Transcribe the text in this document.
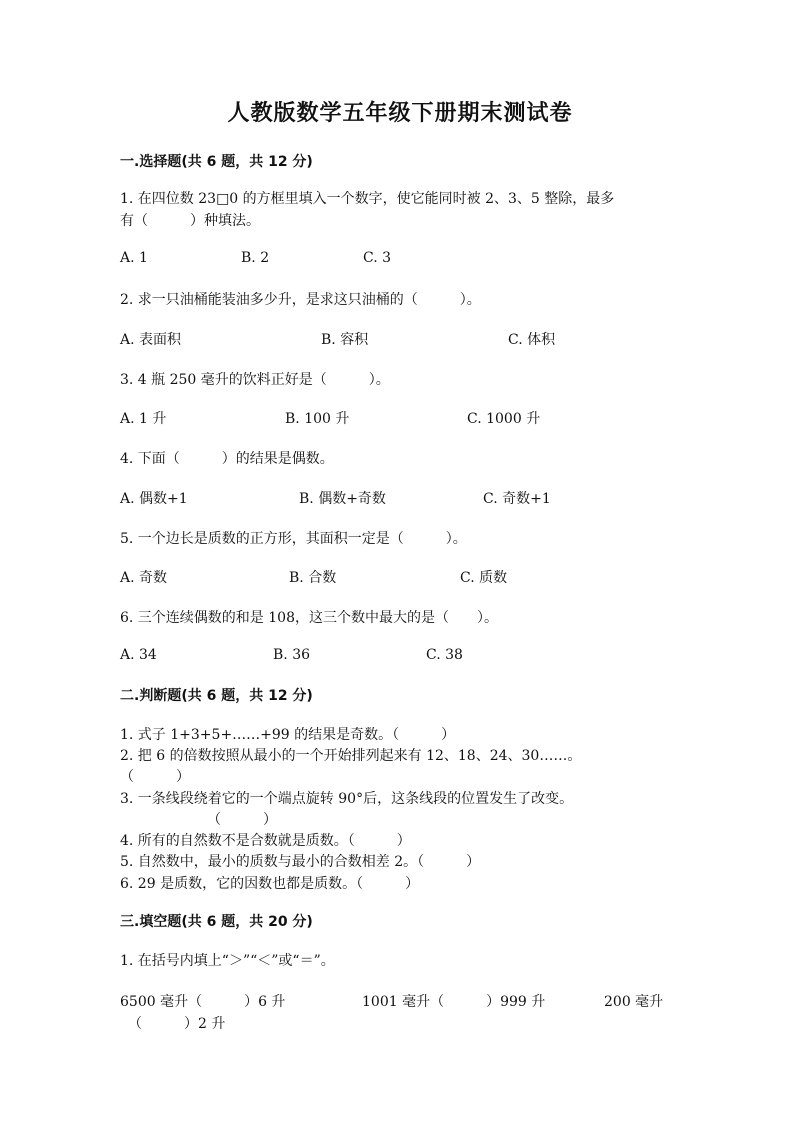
人教版数学五年级下册期末测试卷
一.选择题(共 6 题，共 12 分)
1. 在四位数 23□0 的方框里填入一个数字，使它能同时被 2、3、5 整除，最多
有（　　　）种填法。
A. 1	B. 2	C. 3
2. 求一只油桶能装油多少升，是求这只油桶的（　　　）。
A. 表面积	B. 容积	C. 体积
3. 4 瓶 250 毫升的饮料正好是（　　　）。
A. 1 升	B. 100 升	C. 1000 升
4. 下面（　　　）的结果是偶数。
A. 偶数+1	B. 偶数+奇数	C. 奇数+1
5. 一个边长是质数的正方形，其面积一定是（　　　）。
A. 奇数	B. 合数	C. 质数
6. 三个连续偶数的和是 108，这三个数中最大的是（　　）。
A. 34	B. 36	C. 38
二.判断题(共 6 题，共 12 分)
1. 式子 1+3+5+……+99 的结果是奇数。（　　　）
2. 把 6 的倍数按照从最小的一个开始排列起来有 12、18、24、30……。
（　　　）
3. 一条线段绕着它的一个端点旋转 90°后，这条线段的位置发生了改变。
（　　　）
4. 所有的自然数不是合数就是质数。（　　　）
5. 自然数中，最小的质数与最小的合数相差 2。（　　　）
6. 29 是质数，它的因数也都是质数。（　　　）
三.填空题(共 6 题，共 20 分)
1. 在括号内填上“＞”“＜”或“＝”。
6500 毫升（　　　）6 升	1001 毫升（　　　）999 升	200 毫升
（　　　）2 升
